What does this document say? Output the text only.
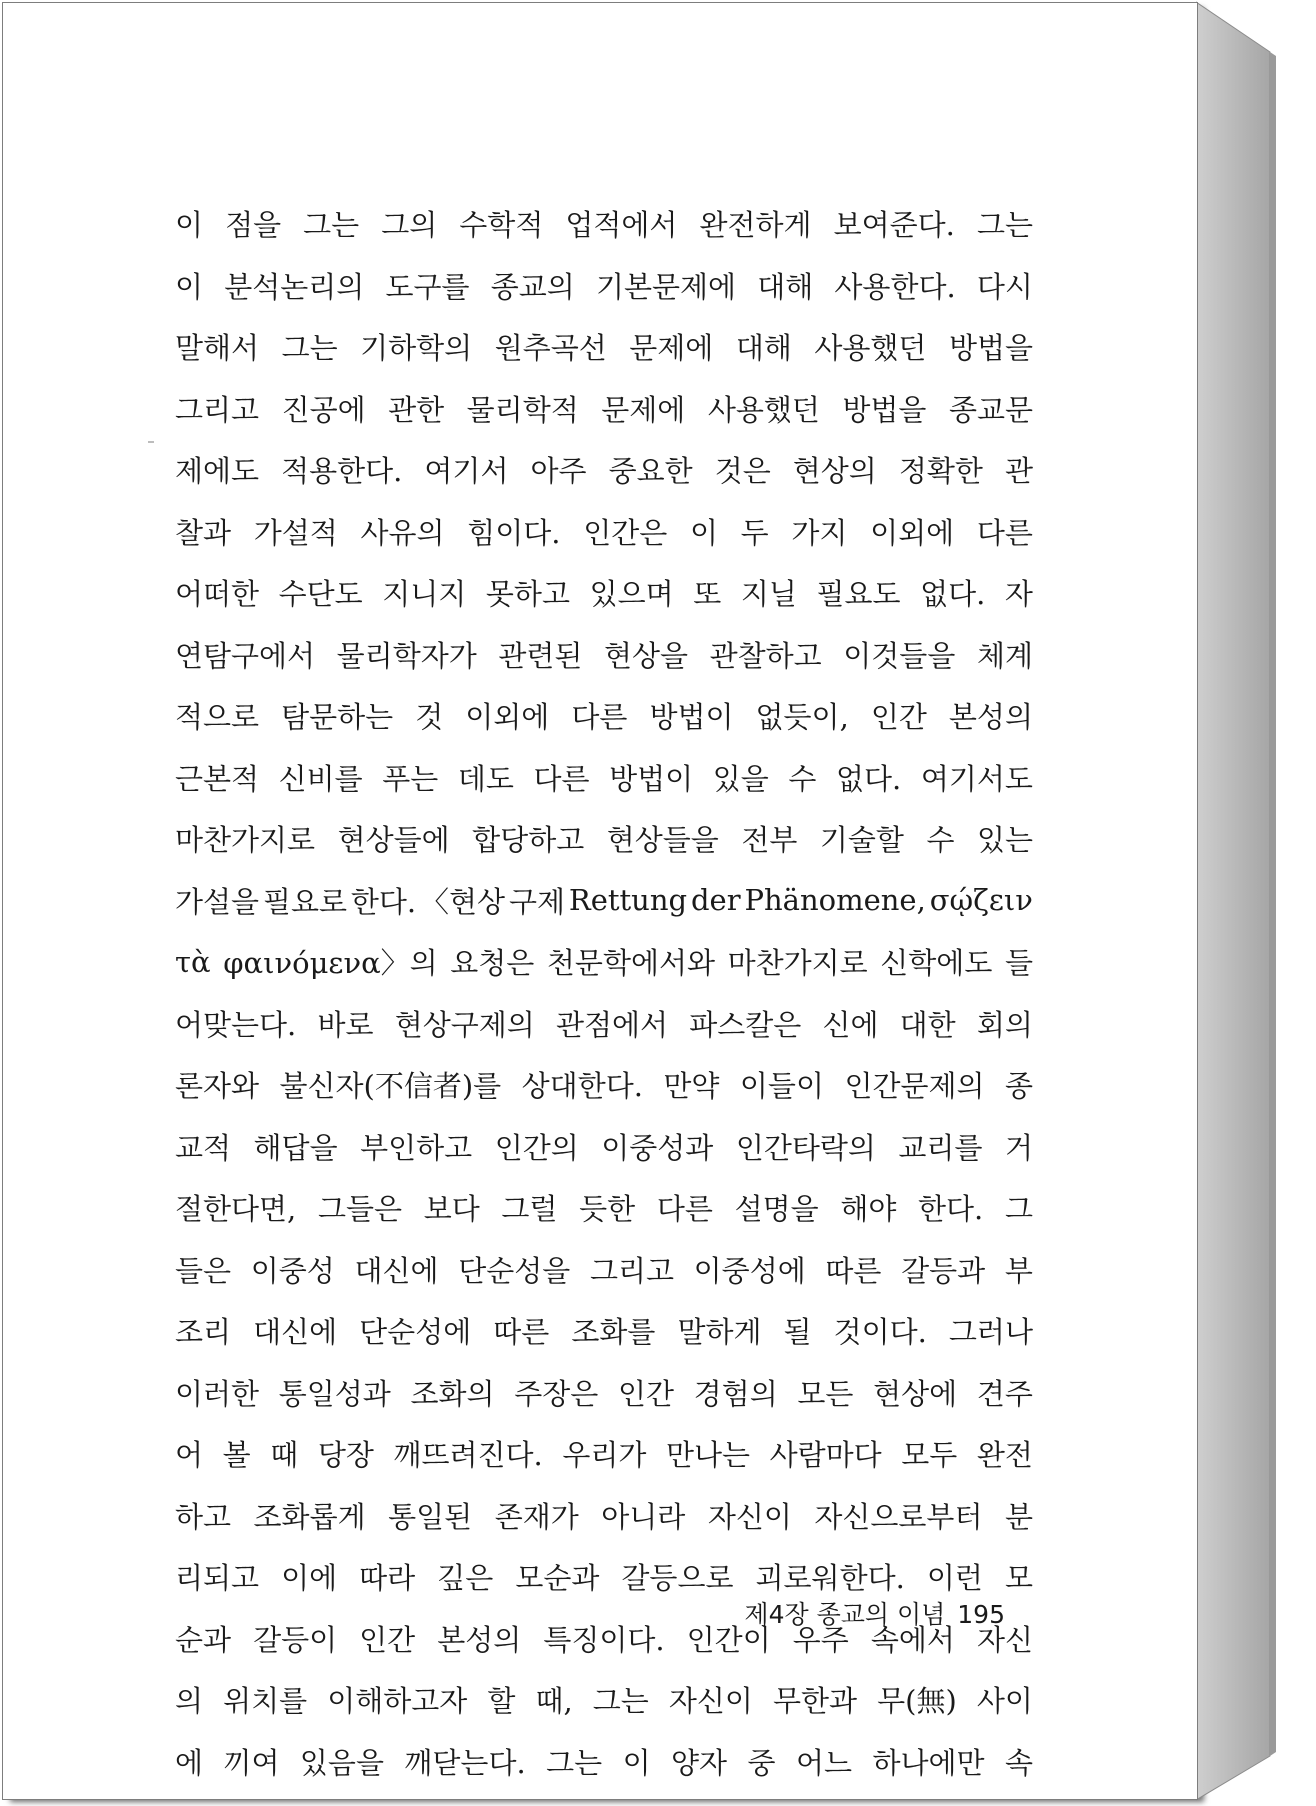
이 점을 그는 그의 수학적 업적에서 완전하게 보여준다. 그는
이 분석논리의 도구를 종교의 기본문제에 대해 사용한다. 다시
말해서 그는 기하학의 원추곡선 문제에 대해 사용했던 방법을
그리고 진공에 관한 물리학적 문제에 사용했던 방법을 종교문
제에도 적용한다. 여기서 아주 중요한 것은 현상의 정확한 관
찰과 가설적 사유의 힘이다. 인간은 이 두 가지 이외에 다른
어떠한 수단도 지니지 못하고 있으며 또 지닐 필요도 없다. 자
연탐구에서 물리학자가 관련된 현상을 관찰하고 이것들을 체계
적으로 탐문하는 것 이외에 다른 방법이 없듯이, 인간 본성의
근본적 신비를 푸는 데도 다른 방법이 있을 수 없다. 여기서도
마찬가지로 현상들에 합당하고 현상들을 전부 기술할 수 있는
가설을 필요로 한다. 〈현상 구제 Rettung der Phänomene, σῴζειν
τὰ φαινόμενα〉의 요청은 천문학에서와 마찬가지로 신학에도 들
어맞는다. 바로 현상구제의 관점에서 파스칼은 신에 대한 회의
론자와 불신자(不信者)를 상대한다. 만약 이들이 인간문제의 종
교적 해답을 부인하고 인간의 이중성과 인간타락의 교리를 거
절한다면, 그들은 보다 그럴 듯한 다른 설명을 해야 한다. 그
들은 이중성 대신에 단순성을 그리고 이중성에 따른 갈등과 부
조리 대신에 단순성에 따른 조화를 말하게 될 것이다. 그러나
이러한 통일성과 조화의 주장은 인간 경험의 모든 현상에 견주
어 볼 때 당장 깨뜨려진다. 우리가 만나는 사람마다 모두 완전
하고 조화롭게 통일된 존재가 아니라 자신이 자신으로부터 분
리되고 이에 따라 깊은 모순과 갈등으로 괴로워한다. 이런 모
순과 갈등이 인간 본성의 특징이다. 인간이 우주 속에서 자신
의 위치를 이해하고자 할 때, 그는 자신이 무한과 무(無) 사이
에 끼여 있음을 깨닫는다. 그는 이 양자 중 어느 하나에만 속
제4장 종교의 이념 195
